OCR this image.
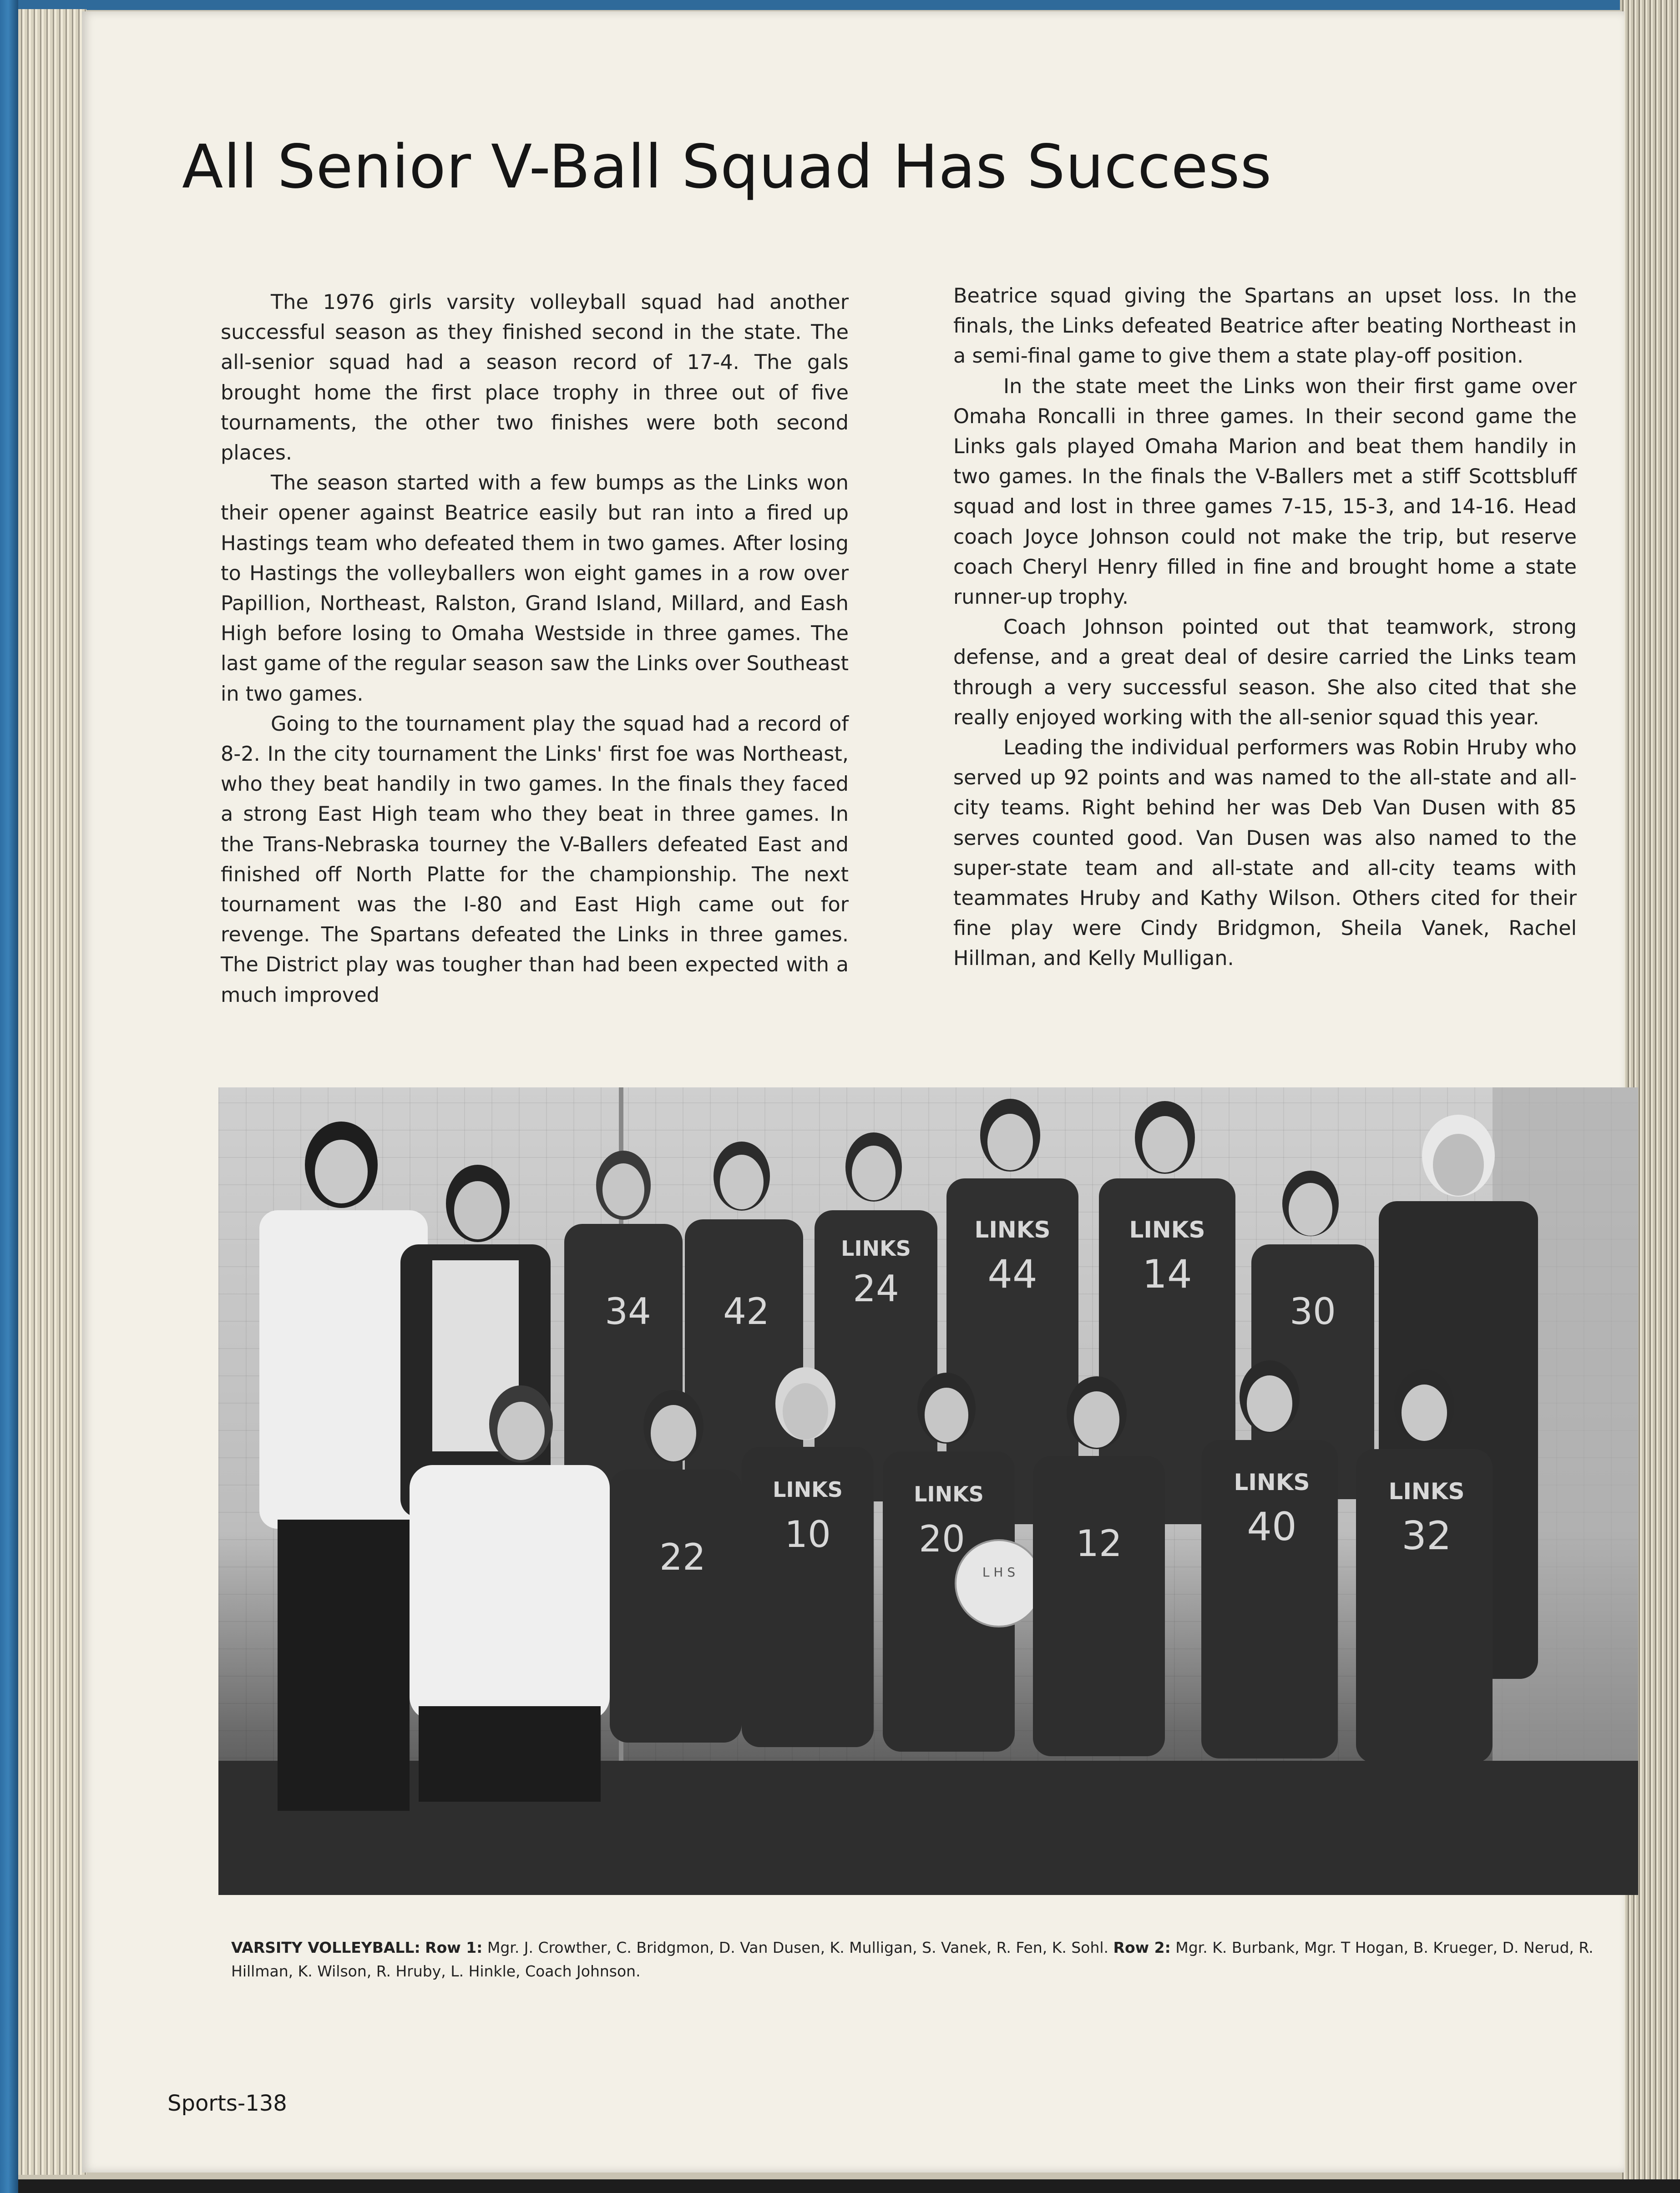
All Senior V-Ball Squad Has Success

The 1976 girls varsity volleyball squad had another successful season as they finished second in the state. The all-senior squad had a season record of 17-4. The gals brought home the first place trophy in three out of five tournaments, the other two finishes were both second places.

The season started with a few bumps as the Links won their opener against Beatrice easily but ran into a fired up Hastings team who defeated them in two games. After losing to Hastings the volleyballers won eight games in a row over Papillion, Northeast, Ralston, Grand Island, Millard, and Eash High before losing to Omaha Westside in three games. The last game of the regular season saw the Links over Southeast in two games.

Going to the tournament play the squad had a record of 8-2. In the city tournament the Links' first foe was Northeast, who they beat handily in two games. In the finals they faced a strong East High team who they beat in three games. In the Trans-Nebraska tourney the V-Ballers defeated East and finished off North Platte for the championship. The next tournament was the I-80 and East High came out for revenge. The Spartans defeated the Links in three games. The District play was tougher than had been expected with a much improved

Beatrice squad giving the Spartans an upset loss. In the finals, the Links defeated Beatrice after beating Northeast in a semi-final game to give them a state play-off position.

In the state meet the Links won their first game over Omaha Roncalli in three games. In their second game the Links gals played Omaha Marion and beat them handily in two games. In the finals the V-Ballers met a stiff Scottsbluff squad and lost in three games 7-15, 15-3, and 14-16. Head coach Joyce Johnson could not make the trip, but reserve coach Cheryl Henry filled in fine and brought home a state runner-up trophy.

Coach Johnson pointed out that teamwork, strong defense, and a great deal of desire carried the Links team through a very successful season. She also cited that she really enjoyed working with the all-senior squad this year.

Leading the individual performers was Robin Hruby who served up 92 points and was named to the all-state and all-city teams. Right behind her was Deb Van Dusen with 85 serves counted good. Van Dusen was also named to the super-state team and all-state and all-city teams with teammates Hruby and Kathy Wilson. Others cited for their fine play were Cindy Bridgmon, Sheila Vanek, Rachel Hillman, and Kelly Mulligan.

34 42
LINKS
24
LINKS
44
LINKS
14
30
22
LINKS
10
LINKS
20
L H S
12
LINKS
40
LINKS
32
VARSITY VOLLEYBALL: Row 1: Mgr. J. Crowther, C. Bridgmon, D. Van Dusen, K. Mulligan, S. Vanek, R. Fen, K. Sohl. Row 2: Mgr. K. Burbank, Mgr. T Hogan, B. Krueger, D. Nerud, R. Hillman, K. Wilson, R. Hruby, L. Hinkle, Coach Johnson.
Sports-138
